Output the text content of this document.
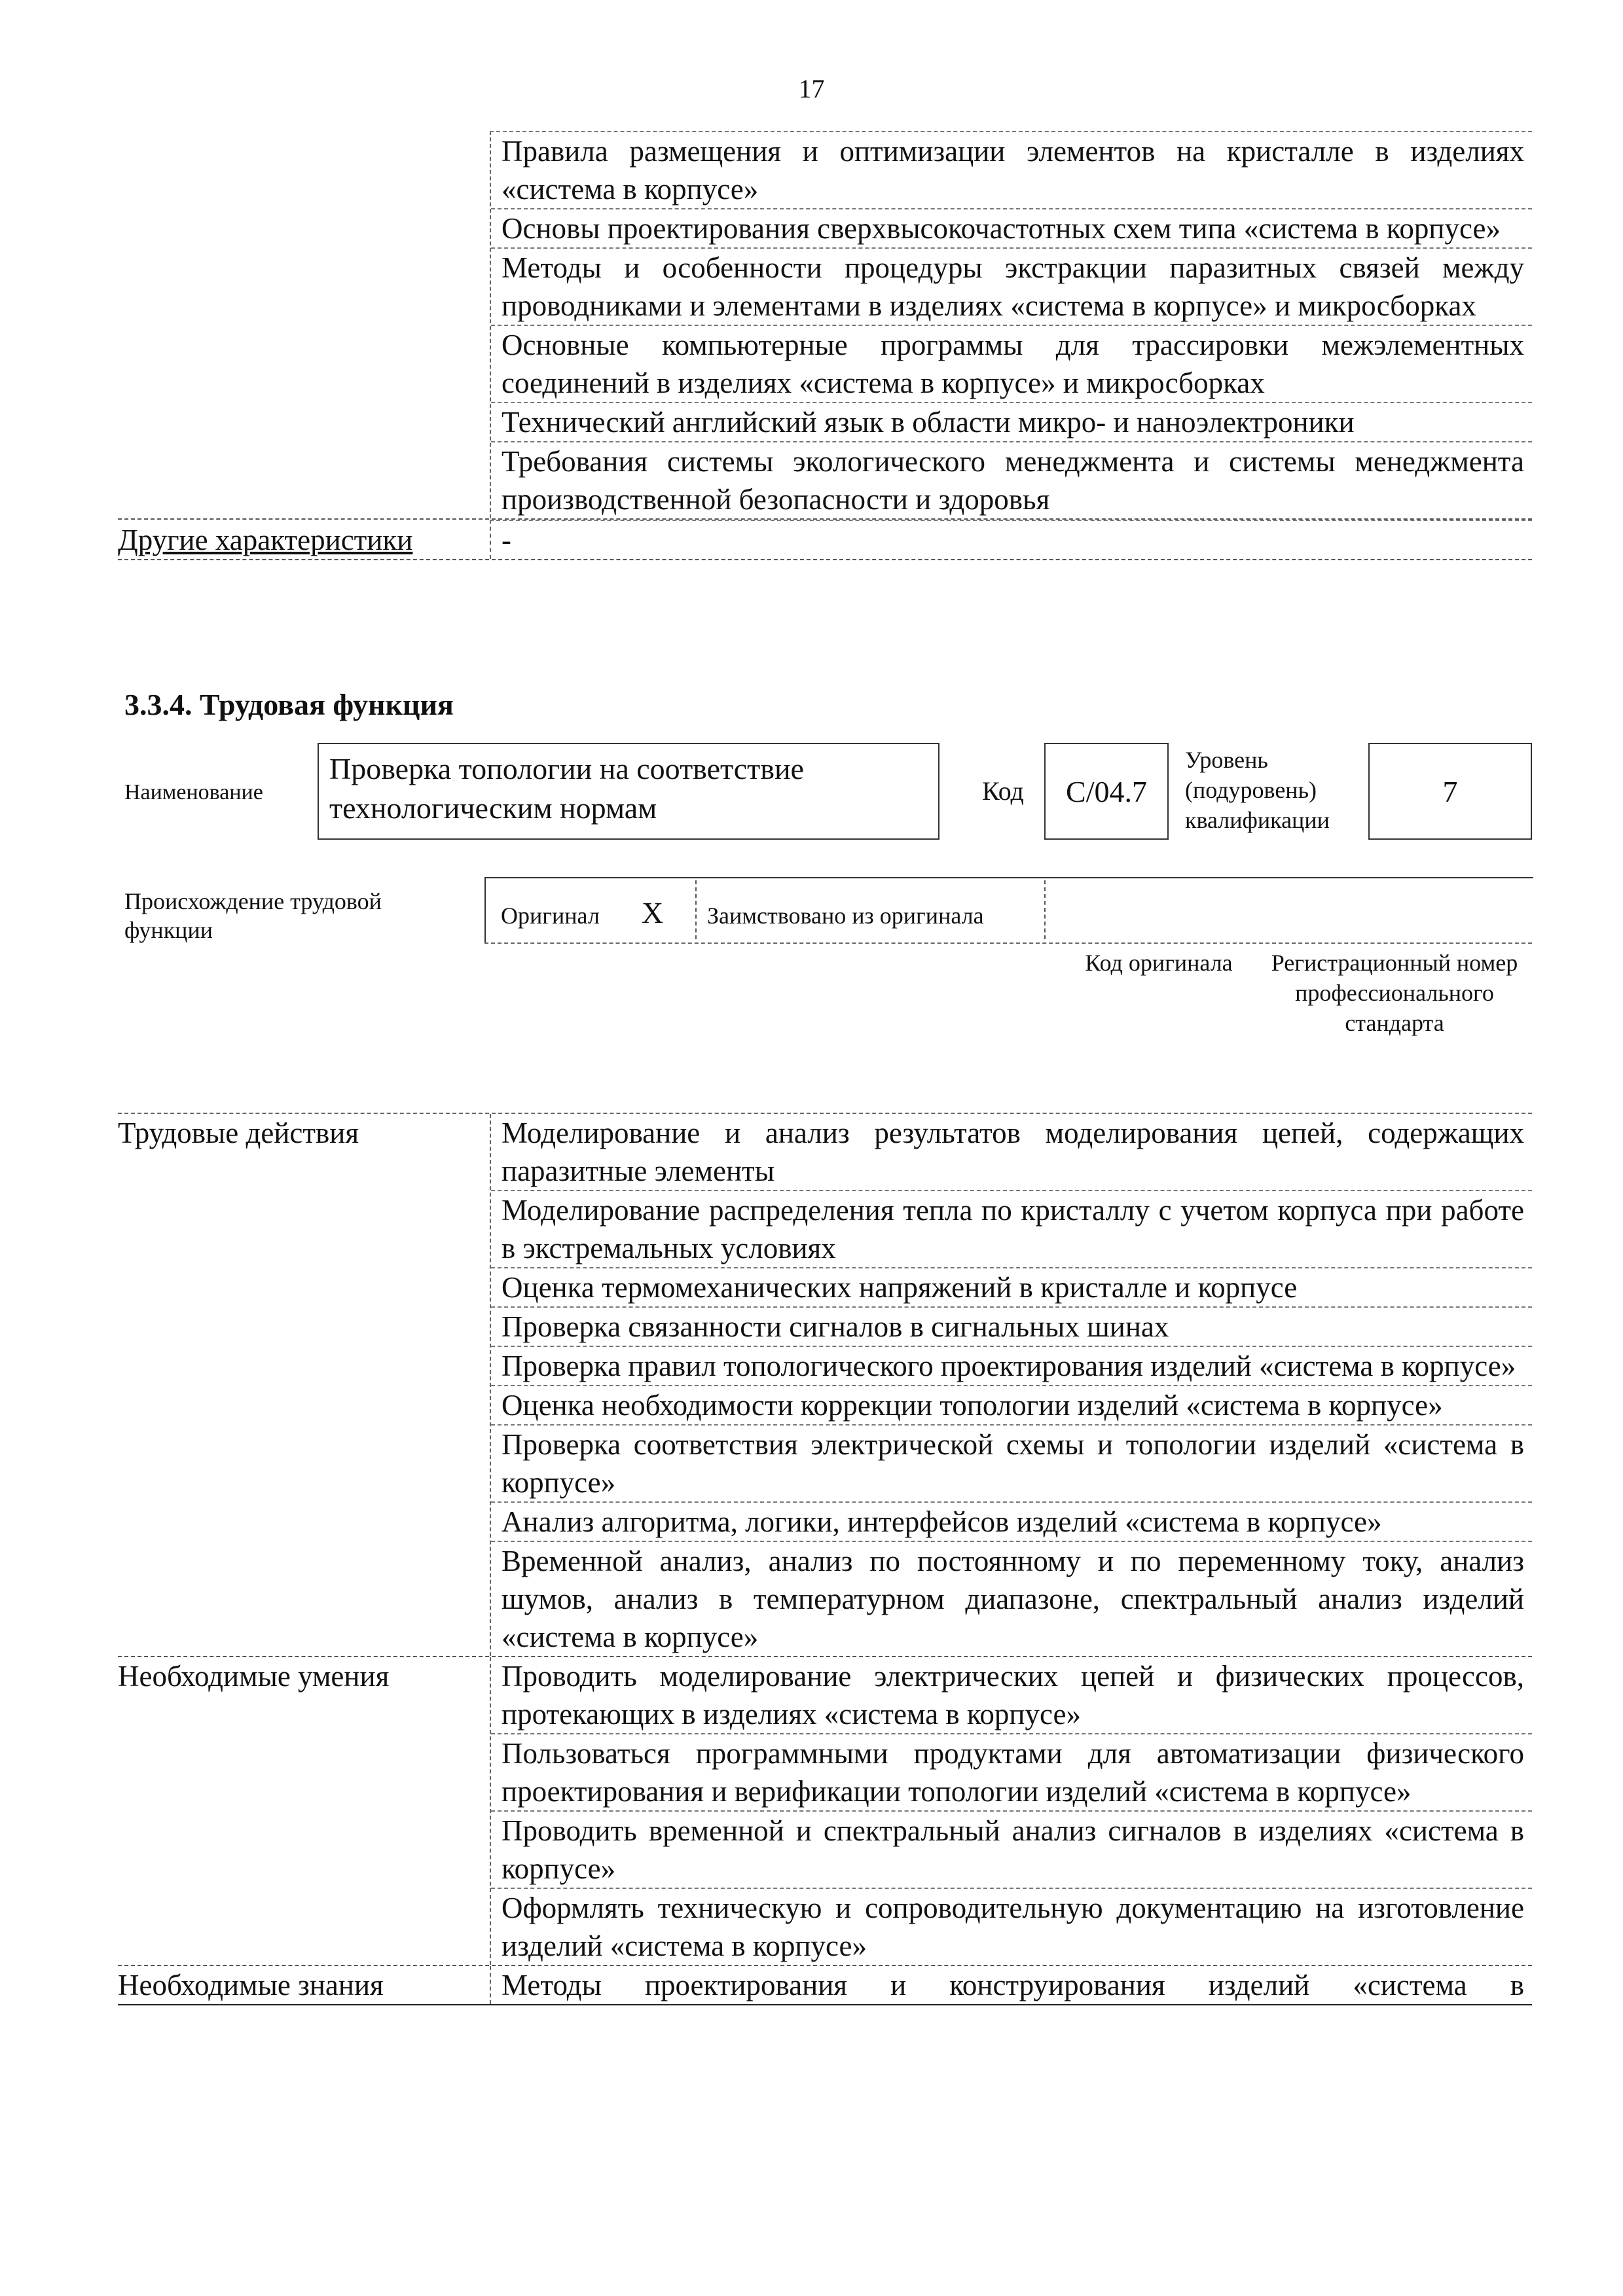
17
Правила размещения и оптимизации элементов на кристалле в изделиях «система в корпусе»
Основы проектирования сверхвысокочастотных схем типа «система в корпусе»
Методы и особенности процедуры экстракции паразитных связей между проводниками и элементами в изделиях «система в корпусе» и микросборках
Основные компьютерные программы для трассировки межэлементных соединений в изделиях «система в корпусе» и микросборках
Технический английский язык в области микро- и наноэлектроники
Требования системы экологического менеджмента и системы менеджмента производственной безопасности и здоровья
Другие характеристики	-
3.3.4. Трудовая функция
Наименование
Проверка топологии на соответствие технологическим нормам
Код	C/04.7
Уровень (подуровень) квалификации
7
Происхождение трудовой функции
Оригинал X Заимствовано из оригинала
Код оригинала	Регистрационный номер профессионального стандарта
Трудовые действия	Моделирование и анализ результатов моделирования цепей, содержащих паразитные элементы
Моделирование распределения тепла по кристаллу с учетом корпуса при работе в экстремальных условиях
Оценка термомеханических напряжений в кристалле и корпусе
Проверка связанности сигналов в сигнальных шинах
Проверка правил топологического проектирования изделий «система в корпусе»
Оценка необходимости коррекции топологии изделий «система в корпусе»
Проверка соответствия электрической схемы и топологии изделий «система в корпусе»
Анализ алгоритма, логики, интерфейсов изделий «система в корпусе»
Временной анализ, анализ по постоянному и по переменному току, анализ шумов, анализ в температурном диапазоне, спектральный анализ изделий «система в корпусе»
Необходимые умения	Проводить моделирование электрических цепей и физических процессов, протекающих в изделиях «система в корпусе»
Пользоваться программными продуктами для автоматизации физического проектирования и верификации топологии изделий «система в корпусе»
Проводить временной и спектральный анализ сигналов в изделиях «система в корпусе»
Оформлять техническую и сопроводительную документацию на изготовление изделий «система в корпусе»
Необходимые знания	Методы проектирования и конструирования изделий «система в
